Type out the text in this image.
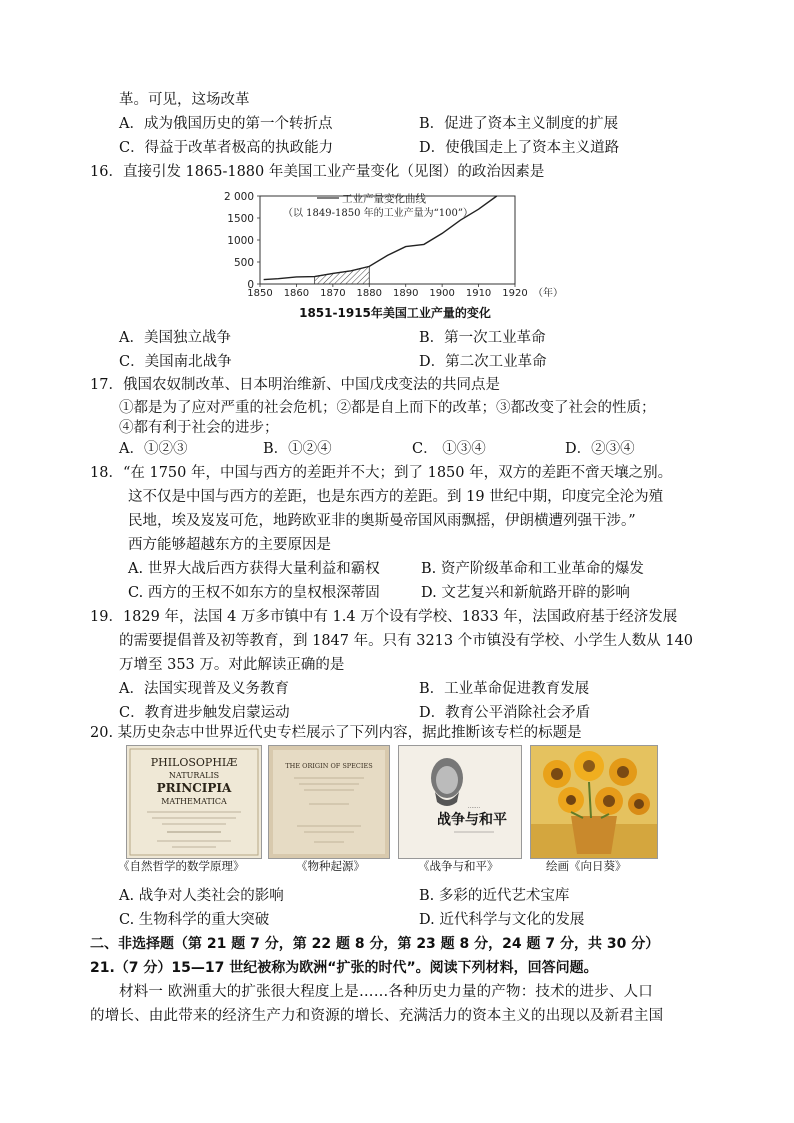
革。可见，这场改革
A．成为俄国历史的第一个转折点	B．促进了资本主义制度的扩展
C．得益于改革者极高的执政能力	D．使俄国走上了资本主义道路
16．直接引发 1865-1880 年美国工业产量变化（见图）的政治因素是
1850 1860 1870 1880 1890 1900 1910 1920
0
500
1000
1500
2 000	工业产量变化曲线
（以 1849-1850 年的工业产量为“100”）
（年）
1851-1915年美国工业产量的变化
A．美国独立战争	B．第一次工业革命
C．美国南北战争	D．第二次工业革命
17．俄国农奴制改革、日本明治维新、中国戊戌变法的共同点是
①都是为了应对严重的社会危机；②都是自上而下的改革；③都改变了社会的性质；
④都有利于社会的进步；
A．①②③	B．①②④	C． ①③④	D．②③④
18．“在 1750 年，中国与西方的差距并不大；到了 1850 年，双方的差距不啻天壤之别。
这不仅是中国与西方的差距，也是东西方的差距。到 19 世纪中期，印度完全沦为殖
民地，埃及岌岌可危，地跨欧亚非的奥斯曼帝国风雨飘摇，伊朗横遭列强干涉。”
西方能够超越东方的主要原因是
A. 世界大战后西方获得大量利益和霸权	B. 资产阶级革命和工业革命的爆发
C. 西方的王权不如东方的皇权根深蒂固	D. 文艺复兴和新航路开辟的影响
19．1829 年，法国 4 万多市镇中有 1.4 万个设有学校、1833 年，法国政府基于经济发展
的需要提倡普及初等教育，到 1847 年。只有 3213 个市镇没有学校、小学生人数从 140
万增至 353 万。对此解读正确的是
A．法国实现普及义务教育	B．工业革命促进教育发展
C．教育进步触发启蒙运动	D．教育公平消除社会矛盾
20. 某历史杂志中世界近代史专栏展示了下列内容，据此推断该专栏的标题是
PHILOSOPHIÆ
NATURALIS
PRINCIPIA
MATHEMATICA
THE ORIGIN OF SPECIES
.......
战争与和平
《自然哲学的数学原理》	《物种起源》	《战争与和平》	绘画《向日葵》
A. 战争对人类社会的影响	B. 多彩的近代艺术宝库
C. 生物科学的重大突破	D. 近代科学与文化的发展
二、非选择题（第 21 题 7 分，第 22 题 8 分，第 23 题 8 分，24 题 7 分，共 30 分）
21.（7 分）15—17 世纪被称为欧洲“扩张的时代”。阅读下列材料，回答问题。
材料一 欧洲重大的扩张很大程度上是……各种历史力量的产物：技术的进步、人口
的增长、由此带来的经济生产力和资源的增长、充满活力的资本主义的出现以及新君主国
